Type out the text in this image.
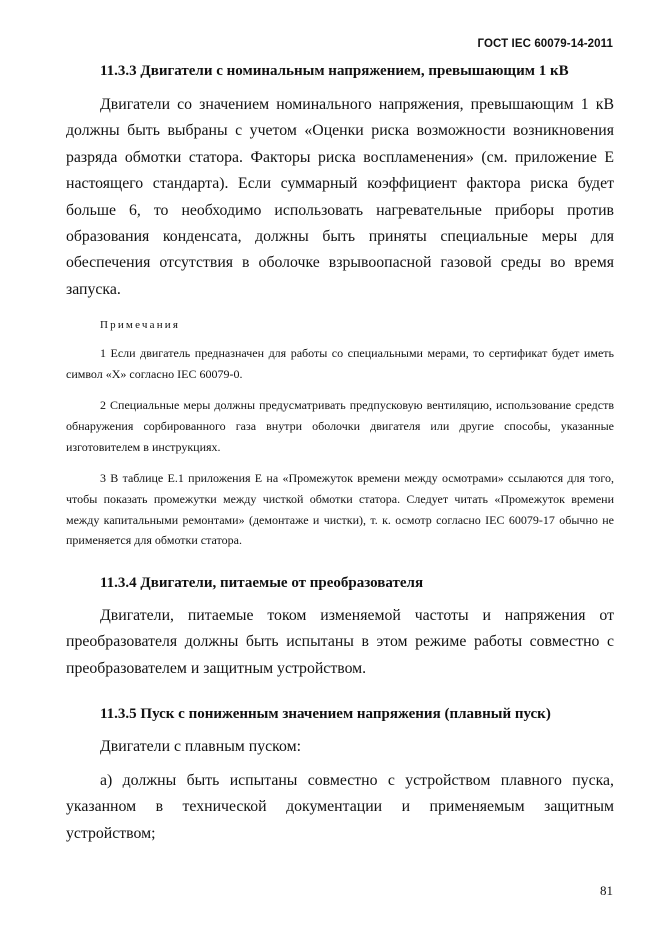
ГОСТ IEC 60079-14-2011

11.3.3 Двигатели с номинальным напряжением, превышающим 1 кВ

Двигатели со значением номинального напряжения, превышающим 1 кВ должны быть выбраны с учетом «Оценки риска возможности возникновения разряда обмотки статора. Факторы риска воспламенения» (см. приложение Е настоящего стандарта). Если суммарный коэффициент фактора риска будет больше 6, то необходимо использовать нагревательные приборы против образования конденсата, должны быть приняты специальные меры для обеспечения отсутствия в оболочке взрывоопасной газовой среды во время запуска.

Примечания

1 Если двигатель предназначен для работы со специальными мерами, то сертификат будет иметь символ «X» согласно IEC 60079-0.

2 Специальные меры должны предусматривать предпусковую вентиляцию, использование средств обнаружения сорбированного газа внутри оболочки двигателя или другие способы, указанные изготовителем в инструкциях.

3 В таблице Е.1 приложения Е на «Промежуток времени между осмотрами» ссылаются для того, чтобы показать промежутки между чисткой обмотки статора. Следует читать «Промежуток времени между капитальными ремонтами» (демонтаже и чистки), т. к. осмотр согласно IEC 60079-17 обычно не применяется для обмотки статора.

11.3.4 Двигатели, питаемые от преобразователя

Двигатели, питаемые током изменяемой частоты и напряжения от преобразователя должны быть испытаны в этом режиме работы совместно с преобразователем и защитным устройством.

11.3.5 Пуск с пониженным значением напряжения (плавный пуск)

Двигатели с плавным пуском:

а) должны быть испытаны совместно с устройством плавного пуска, указанном в технической документации и применяемым защитным устройством;

81
